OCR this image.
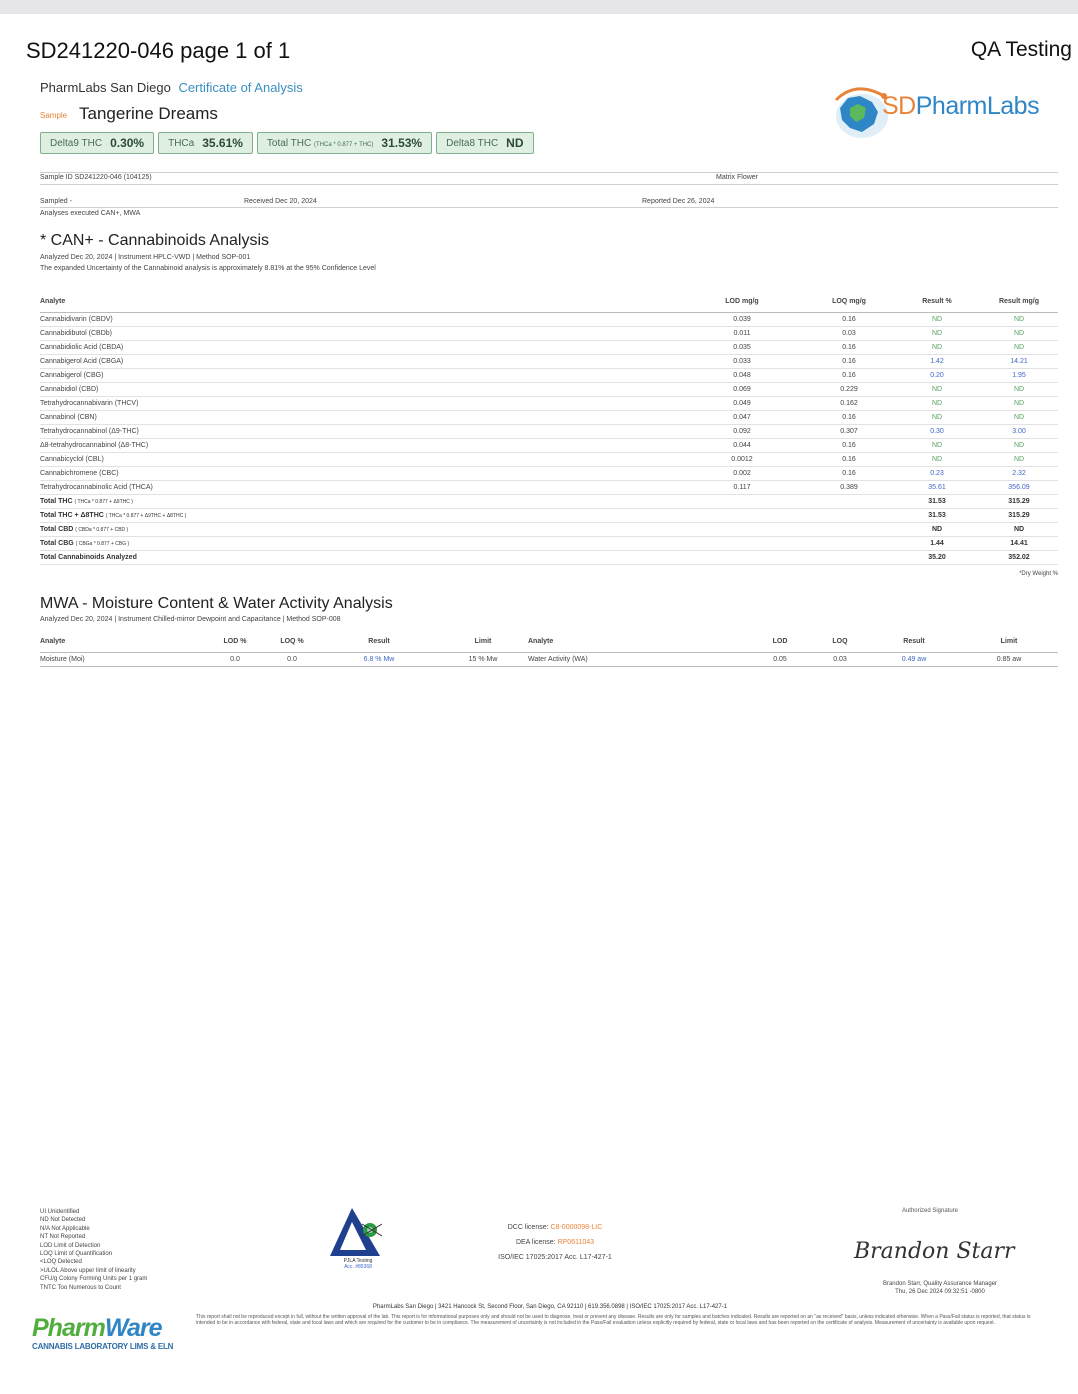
SD241220-046 page 1 of 1	QA Testing
PharmLabs San Diego Certificate of Analysis
Sample Tangerine Dreams
Delta9 THC 0.30% THCa 35.61% Total THC (THCa * 0.877 + THC) 31.53% Delta8 THC ND
SDPharmLabs
Sample ID SD241220-046 (104125)	Matrix Flower
Sampled -	Received Dec 20, 2024	Reported Dec 26, 2024
Analyses executed CAN+, MWA
* CAN+ - Cannabinoids Analysis
Analyzed Dec 20, 2024 | Instrument HPLC-VWD | Method SOP-001
The expanded Uncertainty of the Cannabinoid analysis is approximately 8.81% at the 95% Confidence Level
Analyte	LOD mg/g	LOQ mg/g	Result %	Result mg/g
Cannabidivarin (CBDV)	0.039	0.16	ND	ND
Cannabidibutol (CBDb)	0.011	0.03	ND	ND
Cannabidiolic Acid (CBDA)	0.035	0.16	ND	ND
Cannabigerol Acid (CBGA)	0.033	0.16	1.42	14.21
Cannabigerol (CBG)	0.048	0.16	0.20	1.95
Cannabidiol (CBD)	0.069	0.229	ND	ND
Tetrahydrocannabivarin (THCV)	0.049	0.162	ND	ND
Cannabinol (CBN)	0.047	0.16	ND	ND
Tetrahydrocannabinol (Δ9-THC)	0.092	0.307	0.30	3.00
Δ8-tetrahydrocannabinol (Δ8-THC)	0.044	0.16	ND	ND
Cannabicyclol (CBL)	0.0012	0.16	ND	ND
Cannabichromene (CBC)	0.002	0.16	0.23	2.32
Tetrahydrocannabinolic Acid (THCA)	0.117	0.389	35.61	356.09
Total THC ( THCa * 0.877 + Δ9THC )			31.53	315.29
Total THC + Δ8THC ( THCa * 0.877 + Δ9THC + Δ8THC )			31.53	315.29
Total CBD ( CBDa * 0.877 + CBD )			ND	ND
Total CBG ( CBGa * 0.877 + CBG )			1.44	14.41
Total Cannabinoids Analyzed			35.20	352.02
*Dry Weight %
MWA - Moisture Content & Water Activity Analysis
Analyzed Dec 20, 2024 | Instrument Chilled-mirror Dewpoint and Capacitance | Method SOP-008
Analyte	LOD %	LOQ %	Result	Limit	Analyte	LOD	LOQ	Result	Limit
Moisture (Moi)	0.0	0.0	6.8 % Mw	15 % Mw	Water Activity (WA)	0.05	0.03	0.49 aw	0.85 aw
UI Unidentified
ND Not Detected
N/A Not Applicable
NT Not Reported
LOD Limit of Detection
LOQ Limit of Quantification
<LOQ Detected
>ULOL Above upper limit of linearity
CFU/g Colony Forming Units per 1 gram
TNTC Too Numerous to Count
PJLA Testing
Acc. #85368
DCC license: C8-0000098-LIC
DEA license: RP0611043
ISO/IEC 17025:2017 Acc. L17-427-1
Authorized Signature
Brandon Starr
Brandon Starr, Quality Assurance Manager
Thu, 26 Dec 2024 09:32:51 -0800
PharmLabs San Diego | 3421 Hancock St, Second Floor, San Diego, CA 92110 | 619.356.0898 | ISO/IEC 17025:2017 Acc. L17-427-1
This report shall not be reproduced except in full, without the written approval of the lab. This report is for informational purposes only and should not be used to diagnose, treat or prevent any disease. Results are only for samples and batches indicated. Results are reported on an "as received" basis, unless indicated otherwise. When a Pass/Fail status is reported, that status is intended to be in accordance with federal, state and local laws and which are required for the customer to be in compliance. The measurement of uncertainty is not included in the Pass/Fail evaluation unless explicitly required by federal, state or local laws and has been reported on the certificate of analysis. Measurement of uncertainty is available upon request.
PharmWare
CANNABIS LABORATORY LIMS & ELN
